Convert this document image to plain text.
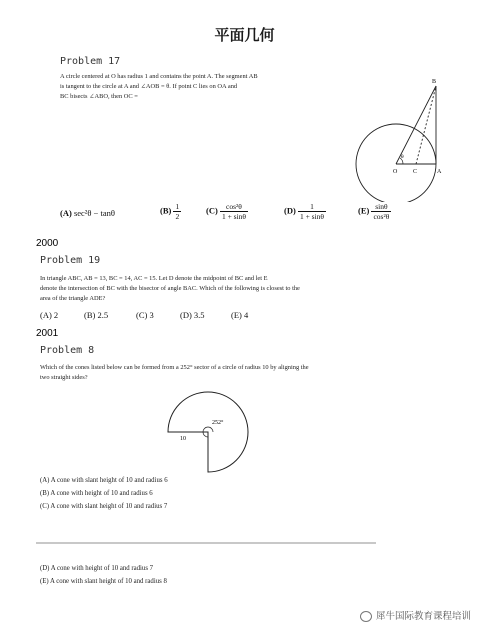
平面几何
Problem 17
A circle centered at O has radius 1 and contains the point A. The segment AB
is tangent to the circle at A and ∠AOB = θ. If point C lies on OA and
BC bisects ∠ABO, then OC =
B
O	C	A
θ
(A) sec²θ − tanθ	$(B) \frac{1}{2}$	$(C) \frac{\text{cos²θ}}{1 + \sin\theta}$	$(D) \frac{1}{1 + \sin\theta}$	$(E) \frac{\sin\theta}{\text{cos²θ}}$
2000
Problem 19
In triangle ABC, AB = 13, BC = 14, AC = 15. Let D denote the midpoint of BC and let E
denote the intersection of BC with the bisector of angle BAC. Which of the following is closest to the
area of the triangle ADE?
(A) 2	(B) 2.5	(C) 3	(D) 3.5	(E) 4
2001
Problem 8
Which of the cones listed below can be formed from a 252° sector of a circle of radius 10 by aligning the
two straight sides?
252°
10
(A) A cone with slant height of 10 and radius 6
(B) A cone with height of 10 and radius 6
(C) A cone with slant height of 10 and radius 7
(D) A cone with height of 10 and radius 7
(E) A cone with slant height of 10 and radius 8
犀牛国际教育课程培训
